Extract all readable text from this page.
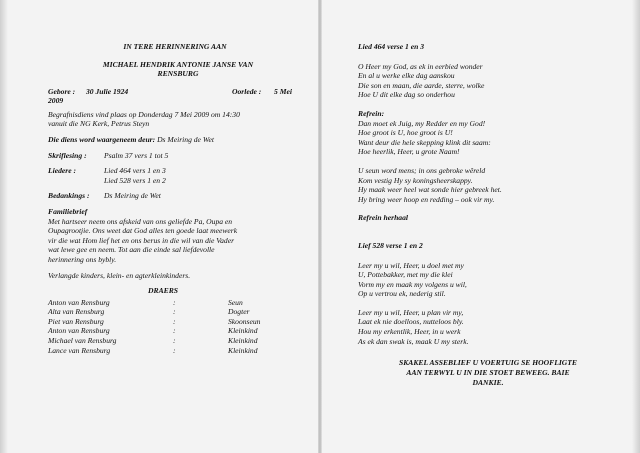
IN TERE HERINNERING AAN
MICHAEL HENDRIK ANTONIE JANSE VAN
RENSBURG
Gebore : 30 Julie 1924	Oorlede : 5 Mei
2009
Begrafnisdiens vind plaas op Donderdag 7 Mei 2009 om 14:30
vanuit die NG Kerk, Petrus Steyn
Die diens word waargeneem deur: Ds Meiring de Wet
Skriflesing :	Psalm 37 vers 1 tot 5
Liedere :	Lied 464 vers 1 en 3
Lied 528 vers 1 en 2
Bedankings :	Ds Meiring de Wet
Familiebrief
Met hartseer neem ons afskeid van ons geliefde Pa, Oupa en
Oupagrootjie. Ons weet dat God alles ten goede laat meewerk
vir die wat Hom lief het en ons berus in die wil van die Vader
wat lewe gee en neem. Tot aan die einde sal liefdevolle
herinnering ons bybly.
Verlangde kinders, klein- en agterkleinkinders.
DRAERS
Anton van Rensburg	:	Seun
Alta van Rensburg	:	Dogter
Piet van Rensburg	:	Skoonseun
Anton van Rensburg	:	Kleinkind
Michael van Rensburg	:	Kleinkind
Lance van Rensburg	:	Kleinkind
Lied 464 verse 1 en 3
O Heer my God, as ek in eerbied wonder
En al u werke elke dag aanskou
Die son en maan, die aarde, sterre, wolke
Hoe U dit elke dag so onderhou
Refrein:
Dan moet ek Juig, my Redder en my God!
Hoe groot is U, hoe groot is U!
Want deur die hele skepping klink dit saam:
Hoe heerlik, Heer, u grote Naam!
U seun word mens; in ons gebroke wêreld
Kom vestig Hy sy koningsheerskappy.
Hy maak weer heel wat sonde hier gebreek het.
Hy bring weer hoop en redding – ook vir my.
Refrein herhaal
Lief 528 verse 1 en 2
Leer my u wil, Heer, u doel met my
U, Pottebakker, met my die klei
Vorm my en maak my volgens u wil,
Op u vertrou ek, nederig stil.
Leer my u wil, Heer, u plan vir my,
Laat ek nie doelloos, nutteloos bly.
Hou my erkentlik, Heer, in u werk
As ek dan swak is, maak U my sterk.
SKAKEL ASSEBLIEF U VOERTUIG SE HOOFLIGTE
AAN TERWYL U IN DIE STOET BEWEEG. BAIE
DANKIE.
